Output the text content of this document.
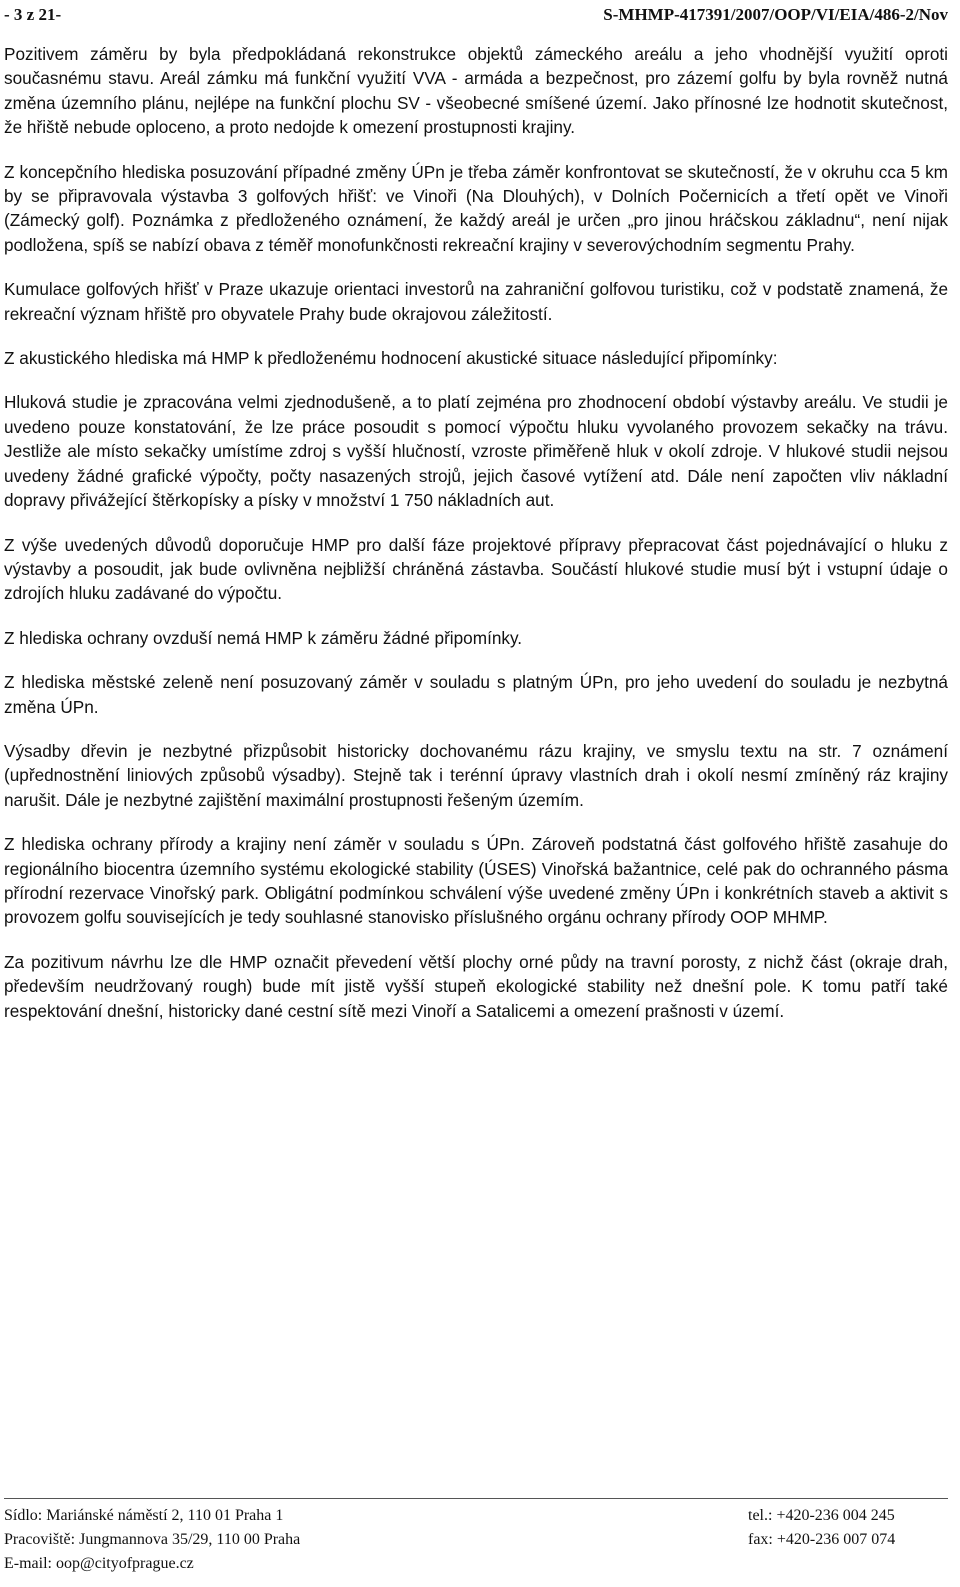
- 3 z 21-	S-MHMP-417391/2007/OOP/VI/EIA/486-2/Nov

Pozitivem záměru by byla předpokládaná rekonstrukce objektů zámeckého areálu a jeho vhodnější využití oproti současnému stavu. Areál zámku má funkční využití VVA - armáda a bezpečnost, pro zázemí golfu by byla rovněž nutná změna územního plánu, nejlépe na funkční plochu SV - všeobecné smíšené území. Jako přínosné lze hodnotit skutečnost, že hřiště nebude oploceno, a proto nedojde k omezení prostupnosti krajiny.

Z koncepčního hlediska posuzování případné změny ÚPn je třeba záměr konfrontovat se skutečností, že v okruhu cca 5 km by se připravovala výstavba 3 golfových hřišť: ve Vinoři (Na Dlouhých), v Dolních Počernicích a třetí opět ve Vinoři (Zámecký golf). Poznámka z předloženého oznámení, že každý areál je určen „pro jinou hráčskou základnu“, není nijak podložena, spíš se nabízí obava z téměř monofunkčnosti rekreační krajiny v severovýchodním segmentu Prahy.

Kumulace golfových hřišť v Praze ukazuje orientaci investorů na zahraniční golfovou turistiku, což v podstatě znamená, že rekreační význam hřiště pro obyvatele Prahy bude okrajovou záležitostí.

Z akustického hlediska má HMP k předloženému hodnocení akustické situace následující připomínky:

Hluková studie je zpracována velmi zjednodušeně, a to platí zejména pro zhodnocení období výstavby areálu. Ve studii je uvedeno pouze konstatování, že lze práce posoudit s pomocí výpočtu hluku vyvolaného provozem sekačky na trávu. Jestliže ale místo sekačky umístíme zdroj s vyšší hlučností, vzroste přiměřeně hluk v okolí zdroje. V hlukové studii nejsou uvedeny žádné grafické výpočty, počty nasazených strojů, jejich časové vytížení atd. Dále není započten vliv nákladní dopravy přivážející štěrkopísky a písky v množství 1 750 nákladních aut.

Z výše uvedených důvodů doporučuje HMP pro další fáze projektové přípravy přepracovat část pojednávající o hluku z výstavby a posoudit, jak bude ovlivněna nejbližší chráněná zástavba. Součástí hlukové studie musí být i vstupní údaje o zdrojích hluku zadávané do výpočtu.

Z hlediska ochrany ovzduší nemá HMP k záměru žádné připomínky.

Z hlediska městské zeleně není posuzovaný záměr v souladu s platným ÚPn, pro jeho uvedení do souladu je nezbytná změna ÚPn.

Výsadby dřevin je nezbytné přizpůsobit historicky dochovanému rázu krajiny, ve smyslu textu na str. 7 oznámení (upřednostnění liniových způsobů výsadby). Stejně tak i terénní úpravy vlastních drah i okolí nesmí zmíněný ráz krajiny narušit. Dále je nezbytné zajištění maximální prostupnosti řešeným územím.

Z hlediska ochrany přírody a krajiny není záměr v souladu s ÚPn. Zároveň podstatná část golfového hřiště zasahuje do regionálního biocentra územního systému ekologické stability (ÚSES) Vinořská bažantnice, celé pak do ochranného pásma přírodní rezervace Vinořský park. Obligátní podmínkou schválení výše uvedené změny ÚPn i konkrétních staveb a aktivit s provozem golfu souvisejících je tedy souhlasné stanovisko příslušného orgánu ochrany přírody OOP MHMP.

Za pozitivum návrhu lze dle HMP označit převedení větší plochy orné půdy na travní porosty, z nichž část (okraje drah, především neudržovaný rough) bude mít jistě vyšší stupeň ekologické stability než dnešní pole. K tomu patří také respektování dnešní, historicky dané cestní sítě mezi Vinoří a Satalicemi a omezení prašnosti v území.

Sídlo: Mariánské náměstí 2, 110 01 Praha 1	tel.: +420-236 004 245
Pracoviště: Jungmannova 35/29, 110 00 Praha	fax: +420-236 007 074
E-mail: oop@cityofprague.cz
